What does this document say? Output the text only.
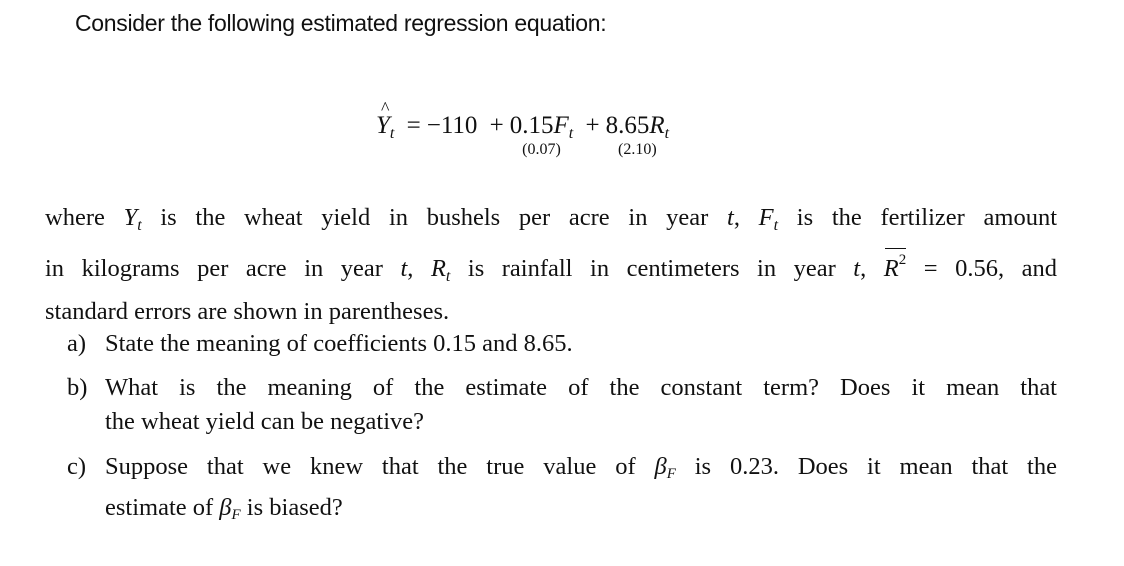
Consider the following estimated regression equation:
^ $Y_t = -110 + 0.15F_t$
(0.07)
+ $8.65R_t$
(2.10)
where $Y_t$ is the wheat yield in bushels per acre in year t, $F_t$ is the fertilizer amount
in kilograms per acre in year t, $R_t$ is rainfall in centimeters in year t, $R^2 = 0.56$, and
standard errors are shown in parentheses.
a) State the meaning of coefficients 0.15 and 8.65.
b) What is the meaning of the estimate of the constant term? Does it mean that
the wheat yield can be negative?
c) Suppose that we knew that the true value of $\beta_F$ is 0.23. Does it mean that the
estimate of $\beta_F$ is biased?
